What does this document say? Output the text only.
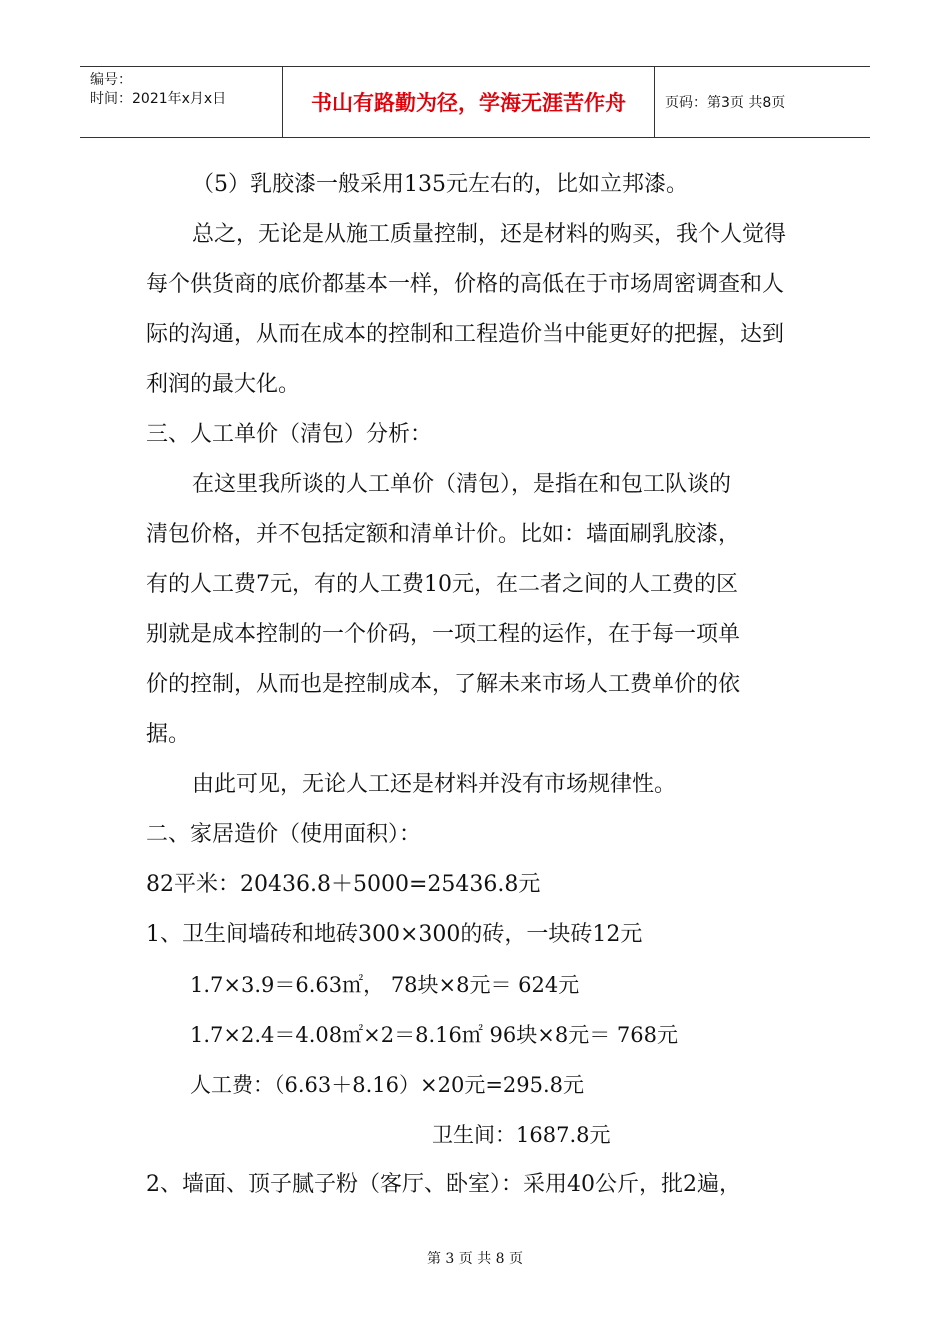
编号：
时间：2021年x月x日	书山有路勤为径，学海无涯苦作舟	页码：第3页 共8页

（5）乳胶漆一般采用135元左右的，比如立邦漆。

总之，无论是从施工质量控制，还是材料的购买，我个人觉得

每个供货商的底价都基本一样，价格的高低在于市场周密调查和人

际的沟通，从而在成本的控制和工程造价当中能更好的把握，达到

利润的最大化。

三、人工单价（清包）分析：

在这里我所谈的人工单价（清包），是指在和包工队谈的

清包价格，并不包括定额和清单计价。比如：墙面刷乳胶漆，

有的人工费7元，有的人工费10元，在二者之间的人工费的区

别就是成本控制的一个价码，一项工程的运作，在于每一项单

价的控制，从而也是控制成本，了解未来市场人工费单价的依

据。

由此可见，无论人工还是材料并没有市场规律性。

二、家居造价（使用面积）：

82平米：20436.8＋5000=25436.8元

1、卫生间墙砖和地砖300×300的砖，一块砖12元

1.7×3.9＝6.63㎡， 78块×8元＝ 624元

1.7×2.4＝4.08㎡×2＝8.16㎡ 96块×8元＝ 768元

人工费：（6.63＋8.16）×20元=295.8元

卫生间：1687.8元

2、墙面、顶子腻子粉（客厅、卧室）：采用40公斤，批2遍，

第 3 页 共 8 页
